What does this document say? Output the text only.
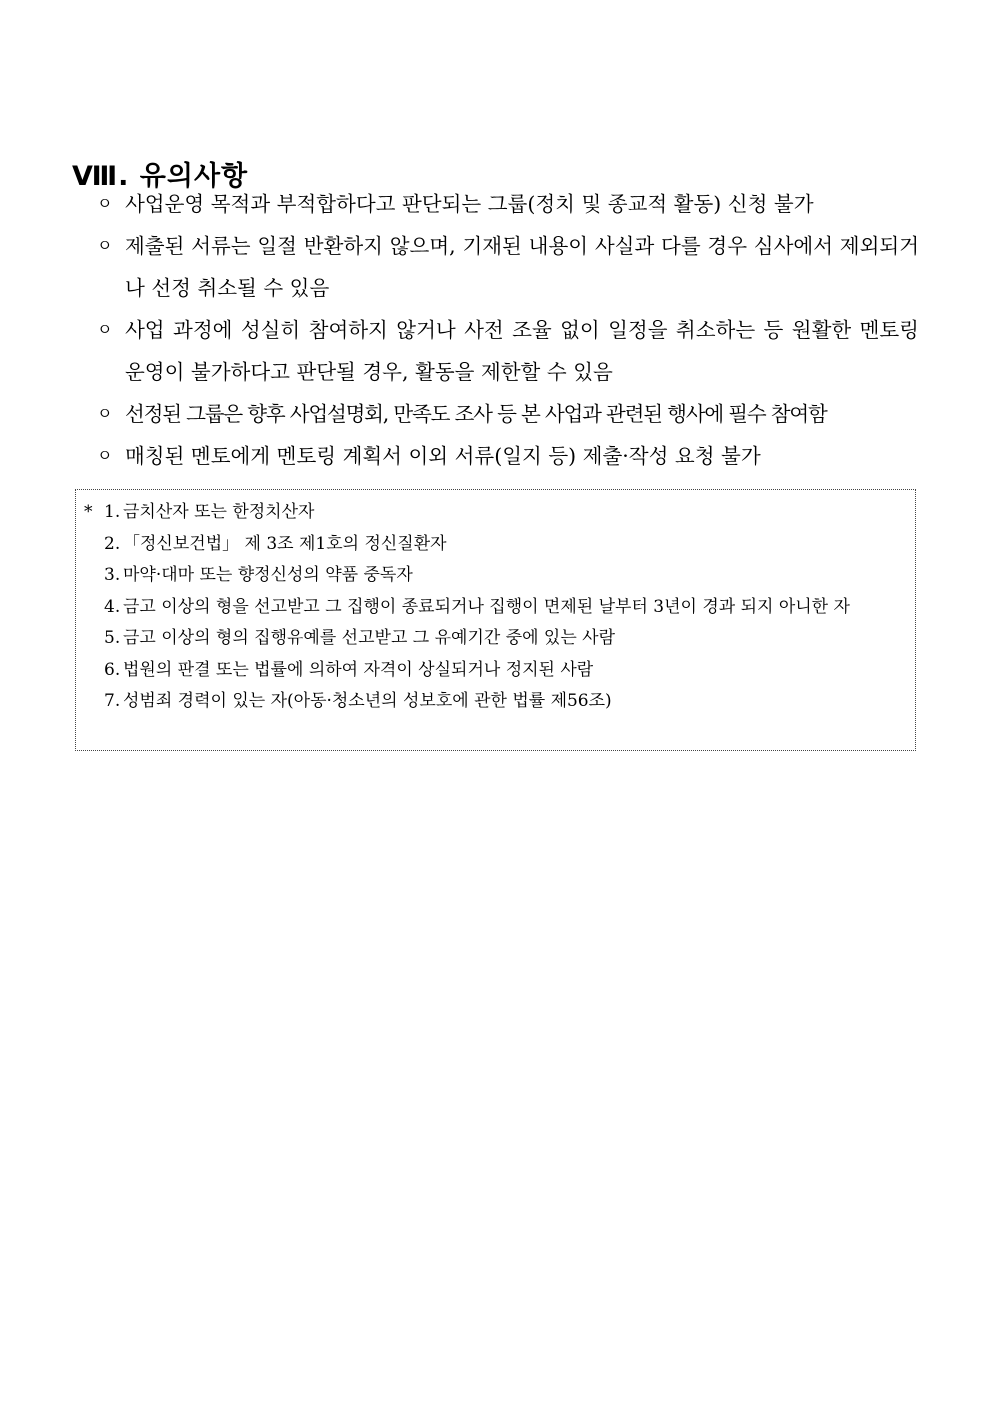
Ⅷ. 유의사항
ㅇ 사업운영 목적과 부적합하다고 판단되는 그룹(정치 및 종교적 활동) 신청 불가
ㅇ 제출된 서류는 일절 반환하지 않으며, 기재된 내용이 사실과 다를 경우 심사에서 제외되거나 선정 취소될 수 있음
ㅇ 사업 과정에 성실히 참여하지 않거나 사전 조율 없이 일정을 취소하는 등 원활한 멘토링 운영이 불가하다고 판단될 경우, 활동을 제한할 수 있음
ㅇ 선정된 그룹은 향후 사업설명회, 만족도 조사 등 본 사업과 관련된 행사에 필수 참여함
ㅇ 매칭된 멘토에게 멘토링 계획서 이외 서류(일지 등) 제출·작성 요청 불가
* 1. 금치산자 또는 한정치산자
2. 「정신보건법」 제 3조 제1호의 정신질환자
3. 마약·대마 또는 향정신성의 약품 중독자
4. 금고 이상의 형을 선고받고 그 집행이 종료되거나 집행이 면제된 날부터 3년이 경과 되지 아니한 자
5. 금고 이상의 형의 집행유예를 선고받고 그 유예기간 중에 있는 사람
6. 법원의 판결 또는 법률에 의하여 자격이 상실되거나 정지된 사람
7. 성범죄 경력이 있는 자(아동·청소년의 성보호에 관한 법률 제56조)
